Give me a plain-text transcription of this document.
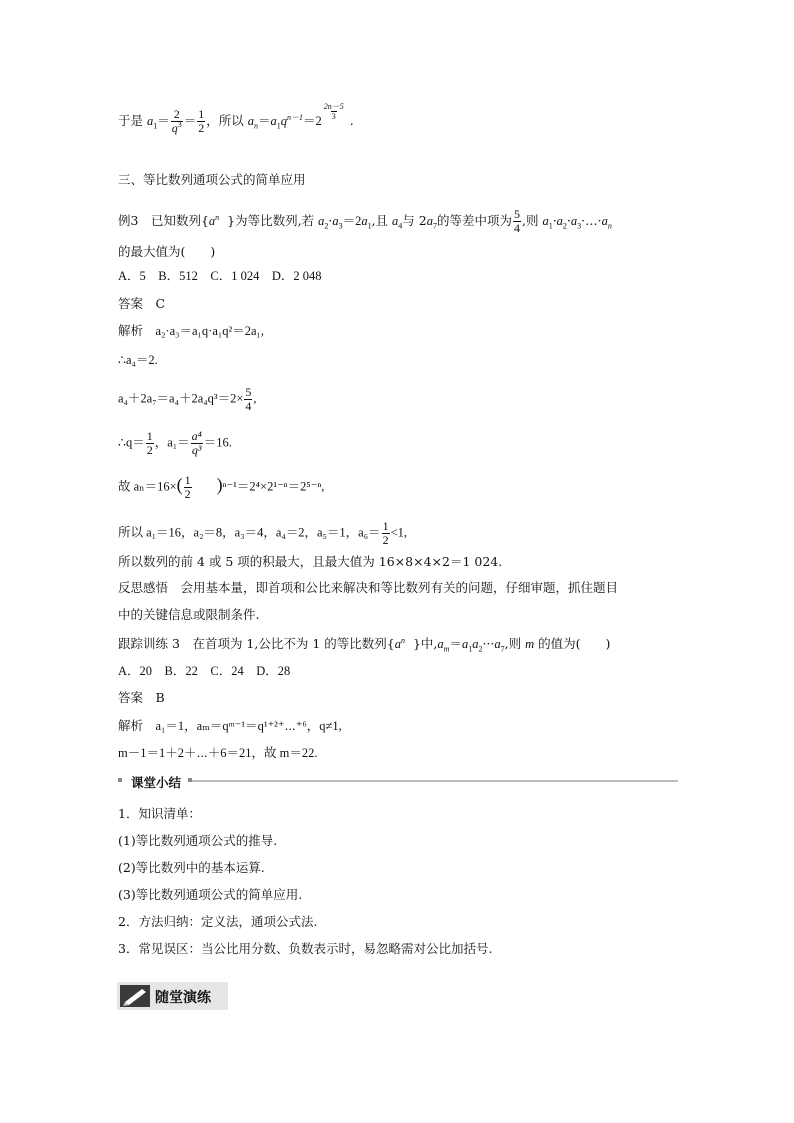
于是 $a_1= \frac{2}{q^3} = \frac{1}{2}$ ，所以 $a_n=a_1q^{n-1}=2 \frac{2n-5}{3}$ .
三、等比数列通项公式的简单应用
例3　 已知数列{$a^n$ }为等比数列,若 $a_2\cdot a_3=2a_1$,且 $a_4$与 $2a_7$的等差中项为 $\frac{5}{4}$ ,则 $a_1\cdot a_2\cdot a_3\cdot\dots\cdot a_n$
的最大值为(　　)
A．5　B．512　C．1 024　D．2 048
答案　C
解析　 a₂·a₃＝a₁q·a₁q²＝2a₁,
∴a₄＝2.
$a_4+2a_7=a_4+2a_4q^3=2\times \frac{5}{4}$ ,
∴q＝ $\frac{1}{2}$ ，$a_1= \frac{\text{a⁴}}{\text{q³}} =16$.
故 $a_n=16\times( \frac{1}{2} )^{n-1}=2^4\times 2^{1-n}=2^{5-n}$,
所以 a₁＝16，a₂＝8，a₃＝4，a₄＝2，a₅＝1，$a_6= \frac{1}{2} <1$,
所以数列的前 4 或 5 项的积最大，且最大值为 16×8×4×2＝1 024.
反思感悟　会用基本量，即首项和公比来解决和等比数列有关的问题，仔细审题，抓住题目
中的关键信息或限制条件.
跟踪训练 3　 在首项为 1,公比不为 1 的等比数列{$a^n$ }中$,a_m=a_1a_2\cdot\cdot\cdot a_7$,则 m 的值为(　　)
A．20　B．22　C．24　D．28
答案　B
解析　a₁＝1，aₘ＝qᵐ⁻¹＝q¹⁺²⁺⋯⁺⁶，q≠1,
m－1＝1＋2＋⋯＋6＝21，故 m＝22.
课堂小结
1．知识清单：
(1)等比数列通项公式的推导.
(2)等比数列中的基本运算.
(3)等比数列通项公式的简单应用.
2．方法归纳：定义法，通项公式法.
3．常见误区：当公比用分数、负数表示时，易忽略需对公比加括号.
随堂演练
